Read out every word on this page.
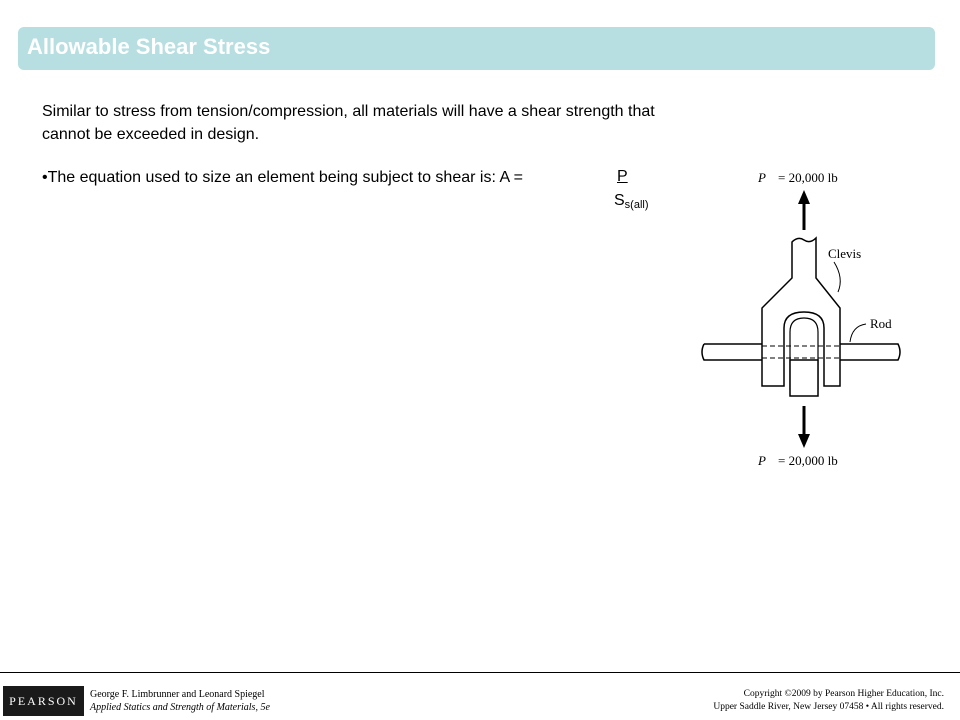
Allowable Shear Stress
Similar to stress from tension/compression, all materials will have a shear strength that cannot be exceeded in design.
•The equation used to size an element being subject to shear is: A =	P
$S_{s(all)}$
P = 20,000 lb
Clevis
Rod
P = 20,000 lb
PEARSON	George F. Limbrunner and Leonard Spiegel
Applied Statics and Strength of Materials, 5e
Copyright ©2009 by Pearson Higher Education, Inc.
Upper Saddle River, New Jersey 07458 • All rights reserved.
